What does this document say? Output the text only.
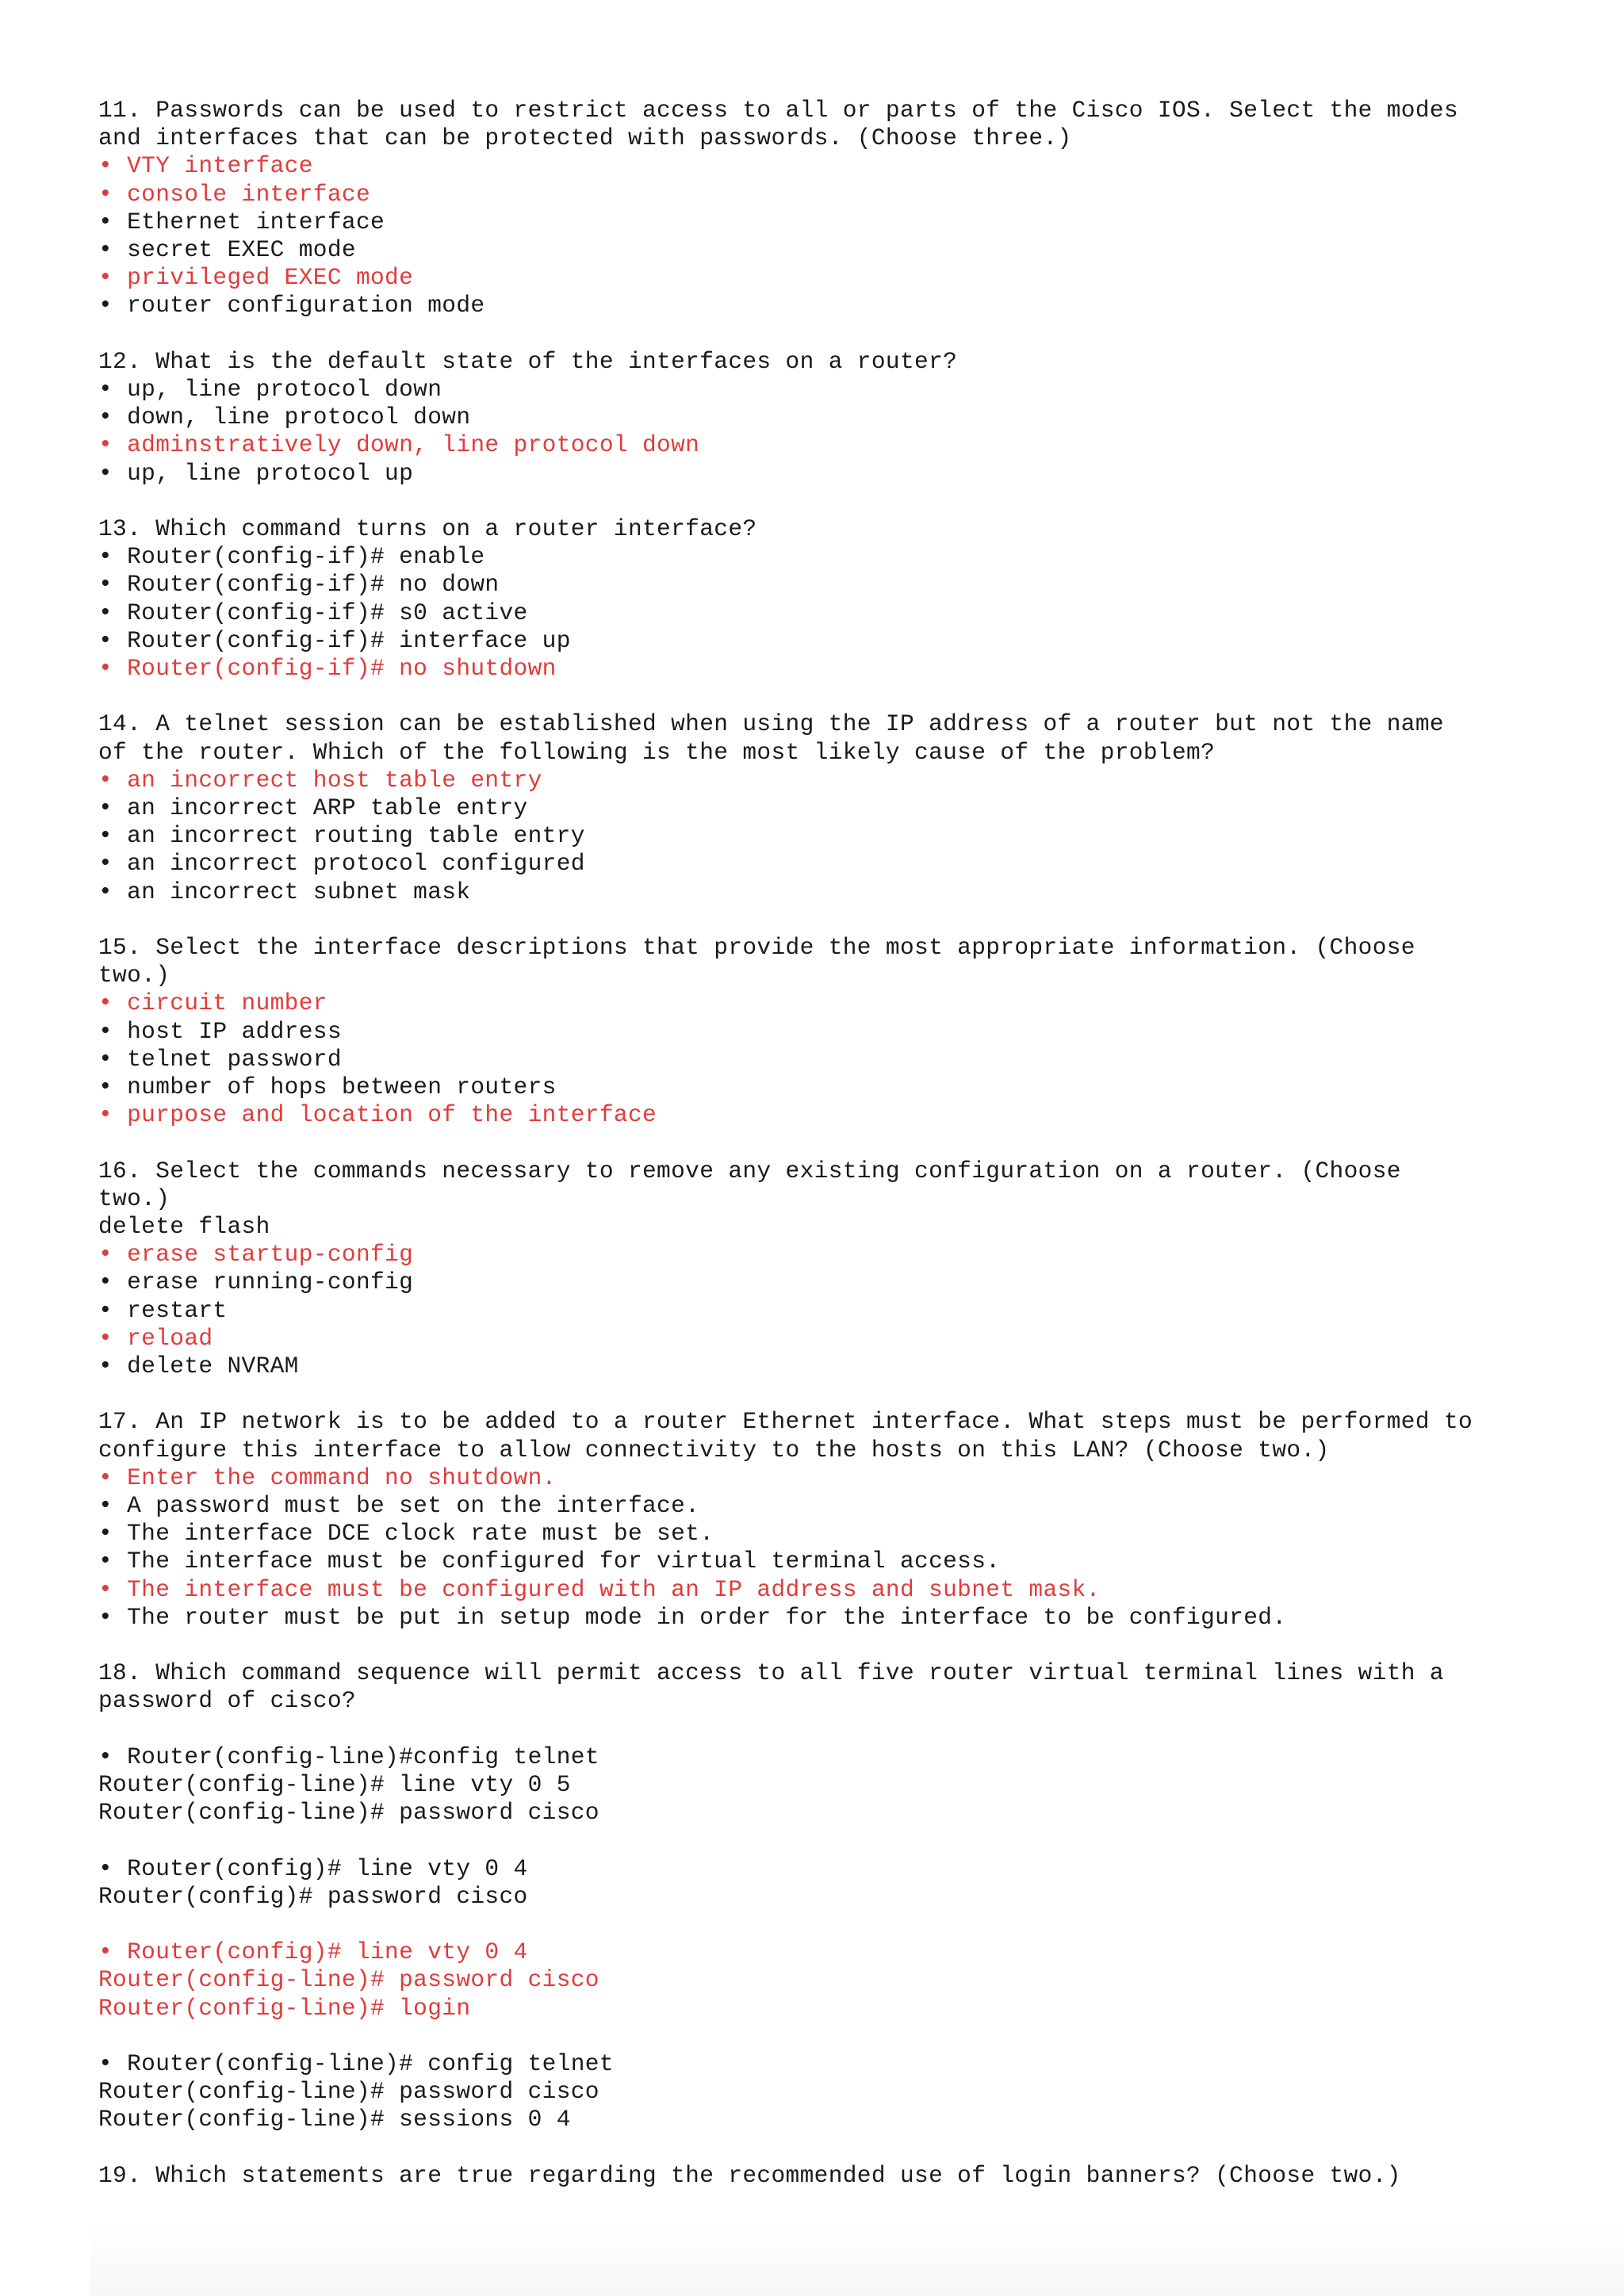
11. Passwords can be used to restrict access to all or parts of the Cisco IOS. Select the modes
and interfaces that can be protected with passwords. (Choose three.)
• VTY interface
• console interface
• Ethernet interface
• secret EXEC mode
• privileged EXEC mode
• router configuration mode
12. What is the default state of the interfaces on a router?
• up, line protocol down
• down, line protocol down
• adminstratively down, line protocol down
• up, line protocol up
13. Which command turns on a router interface?
• Router(config-if)# enable
• Router(config-if)# no down
• Router(config-if)# s0 active
• Router(config-if)# interface up
• Router(config-if)# no shutdown
14. A telnet session can be established when using the IP address of a router but not the name
of the router. Which of the following is the most likely cause of the problem?
• an incorrect host table entry
• an incorrect ARP table entry
• an incorrect routing table entry
• an incorrect protocol configured
• an incorrect subnet mask
15. Select the interface descriptions that provide the most appropriate information. (Choose
two.)
• circuit number
• host IP address
• telnet password
• number of hops between routers
• purpose and location of the interface
16. Select the commands necessary to remove any existing configuration on a router. (Choose
two.)
delete flash
• erase startup-config
• erase running-config
• restart
• reload
• delete NVRAM
17. An IP network is to be added to a router Ethernet interface. What steps must be performed to
configure this interface to allow connectivity to the hosts on this LAN? (Choose two.)
• Enter the command no shutdown.
• A password must be set on the interface.
• The interface DCE clock rate must be set.
• The interface must be configured for virtual terminal access.
• The interface must be configured with an IP address and subnet mask.
• The router must be put in setup mode in order for the interface to be configured.
18. Which command sequence will permit access to all five router virtual terminal lines with a
password of cisco?
• Router(config-line)#config telnet
Router(config-line)# line vty 0 5
Router(config-line)# password cisco
• Router(config)# line vty 0 4
Router(config)# password cisco
• Router(config)# line vty 0 4
Router(config-line)# password cisco
Router(config-line)# login
• Router(config-line)# config telnet
Router(config-line)# password cisco
Router(config-line)# sessions 0 4
19. Which statements are true regarding the recommended use of login banners? (Choose two.)
